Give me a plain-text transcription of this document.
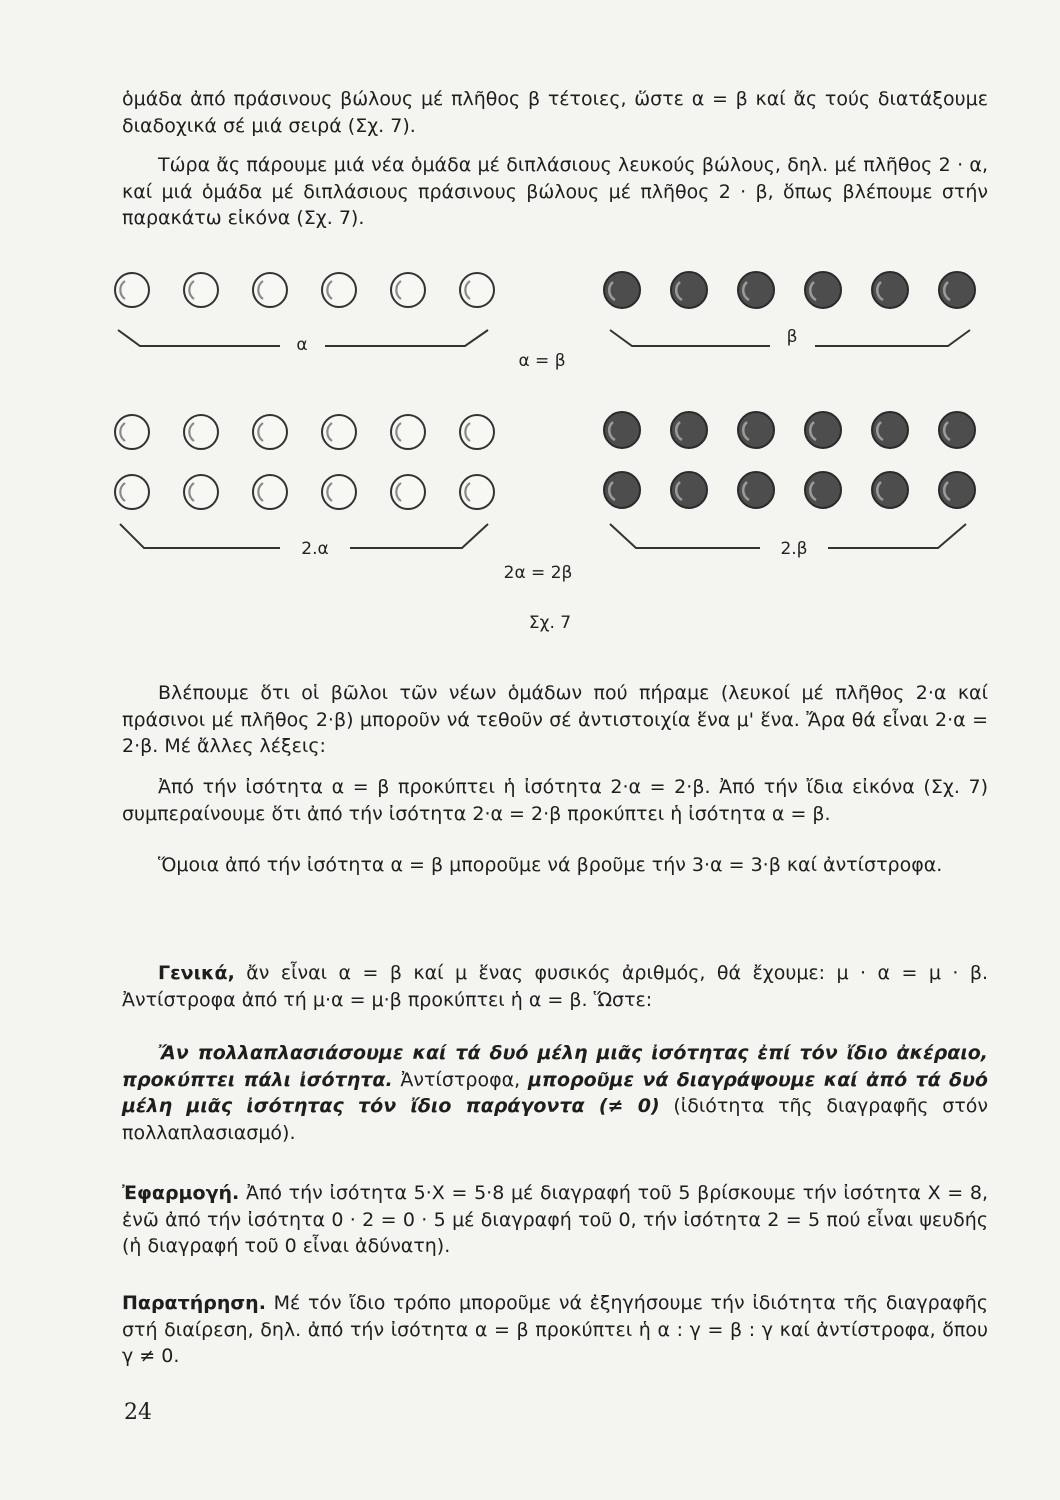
ὁμάδα ἀπό πράσινους βώλους μέ πλῆθος β τέτοιες, ὥστε α = β καί ἄς τούς διατάξουμε διαδοχικά σέ μιά σειρά (Σχ. 7).

Τώρα ἄς πάρουμε μιά νέα ὁμάδα μέ διπλάσιους λευκούς βώλους, δηλ. μέ πλῆθος 2 · α, καί μιά ὁμάδα μέ διπλάσιους πράσινους βώλους μέ πλῆθος 2 · β, ὅπως βλέπουμε στήν παρακάτω εἰκόνα (Σχ. 7).

α	β
α = β
2.α	2.β
2α = 2β
Σχ. 7

Βλέπουμε ὅτι οἱ βῶλοι τῶν νέων ὁμάδων πού πήραμε (λευκοί μέ πλῆθος 2·α καί πράσινοι μέ πλῆθος 2·β) μποροῦν νά τεθοῦν σέ ἀντιστοιχία ἕνα μ' ἕνα. Ἄρα θά εἶναι 2·α = 2·β. Μέ ἄλλες λέξεις:

Ἀπό τήν ἰσότητα α = β προκύπτει ἡ ἰσότητα 2·α = 2·β. Ἀπό τήν ἴδια εἰκόνα (Σχ. 7) συμπεραίνουμε ὅτι ἀπό τήν ἰσότητα 2·α = 2·β προκύπτει ἡ ἰσότητα α = β.

Ὅμοια ἀπό τήν ἰσότητα α = β μποροῦμε νά βροῦμε τήν 3·α = 3·β καί ἀντίστροφα.

Γενικά, ἄν εἶναι α = β καί μ ἕνας φυσικός ἀριθμός, θά ἔχουμε: μ · α = μ · β. Ἀντίστροφα ἀπό τή μ·α = μ·β προκύπτει ἡ α = β. Ὥστε:

Ἄν πολλαπλασιάσουμε καί τά δυό μέλη μιᾶς ἰσότητας ἐπί τόν ἴδιο ἀκέραιο, προκύπτει πάλι ἰσότητα. Ἀντίστροφα, μποροῦμε νά διαγράψουμε καί ἀπό τά δυό μέλη μιᾶς ἰσότητας τόν ἴδιο παράγοντα (≠ 0) (ἰδιότητα τῆς διαγραφῆς στόν πολλαπλασιασμό).

Ἐφαρμογή. Ἀπό τήν ἰσότητα 5·Χ = 5·8 μέ διαγραφή τοῦ 5 βρίσκουμε τήν ἰσότητα Χ = 8, ἐνῶ ἀπό τήν ἰσότητα 0 · 2 = 0 · 5 μέ διαγραφή τοῦ 0, τήν ἰσότητα 2 = 5 πού εἶναι ψευδής (ἡ διαγραφή τοῦ 0 εἶναι ἀδύνατη).

Παρατήρηση. Μέ τόν ἴδιο τρόπο μποροῦμε νά ἐξηγήσουμε τήν ἰδιότητα τῆς διαγραφῆς στή διαίρεση, δηλ. ἀπό τήν ἰσότητα α = β προκύπτει ἡ α : γ = β : γ καί ἀντίστροφα, ὅπου γ ≠ 0.

24
